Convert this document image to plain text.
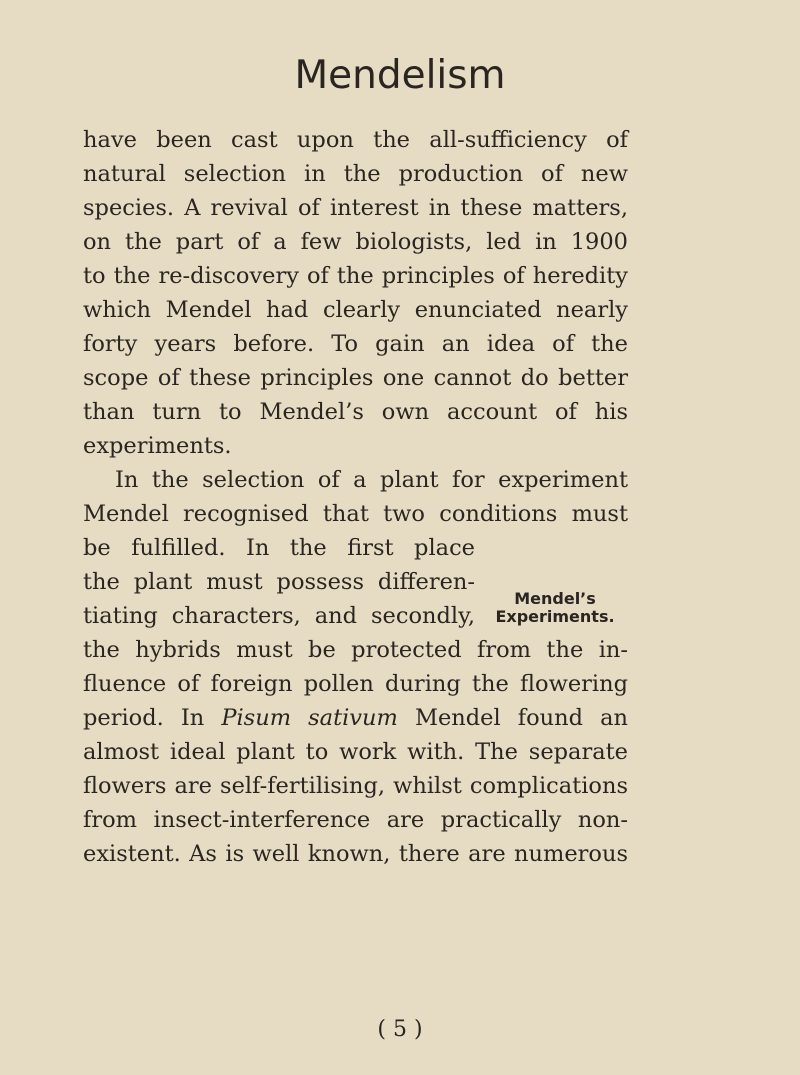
Mendelism
have been cast upon the all-sufficiency of
natural selection in the production of new
species. A revival of interest in these matters,
on the part of a few biologists, led in 1900
to the re-discovery of the principles of heredity
which Mendel had clearly enunciated nearly
forty years before. To gain an idea of the
scope of these principles one cannot do better
than turn to Mendel’s own account of his
experiments.
In the selection of a plant for experiment
Mendel recognised that two conditions must
be fulfilled. In the first place
the plant must possess differen-
tiating characters, and secondly,
the hybrids must be protected from the in-
fluence of foreign pollen during the flowering
period. In Pisum sativum Mendel found an
almost ideal plant to work with. The separate
flowers are self-fertilising, whilst complications
from insect-interference are practically non-
existent. As is well known, there are numerous
Mendel’s
Experiments.
( 5 )
